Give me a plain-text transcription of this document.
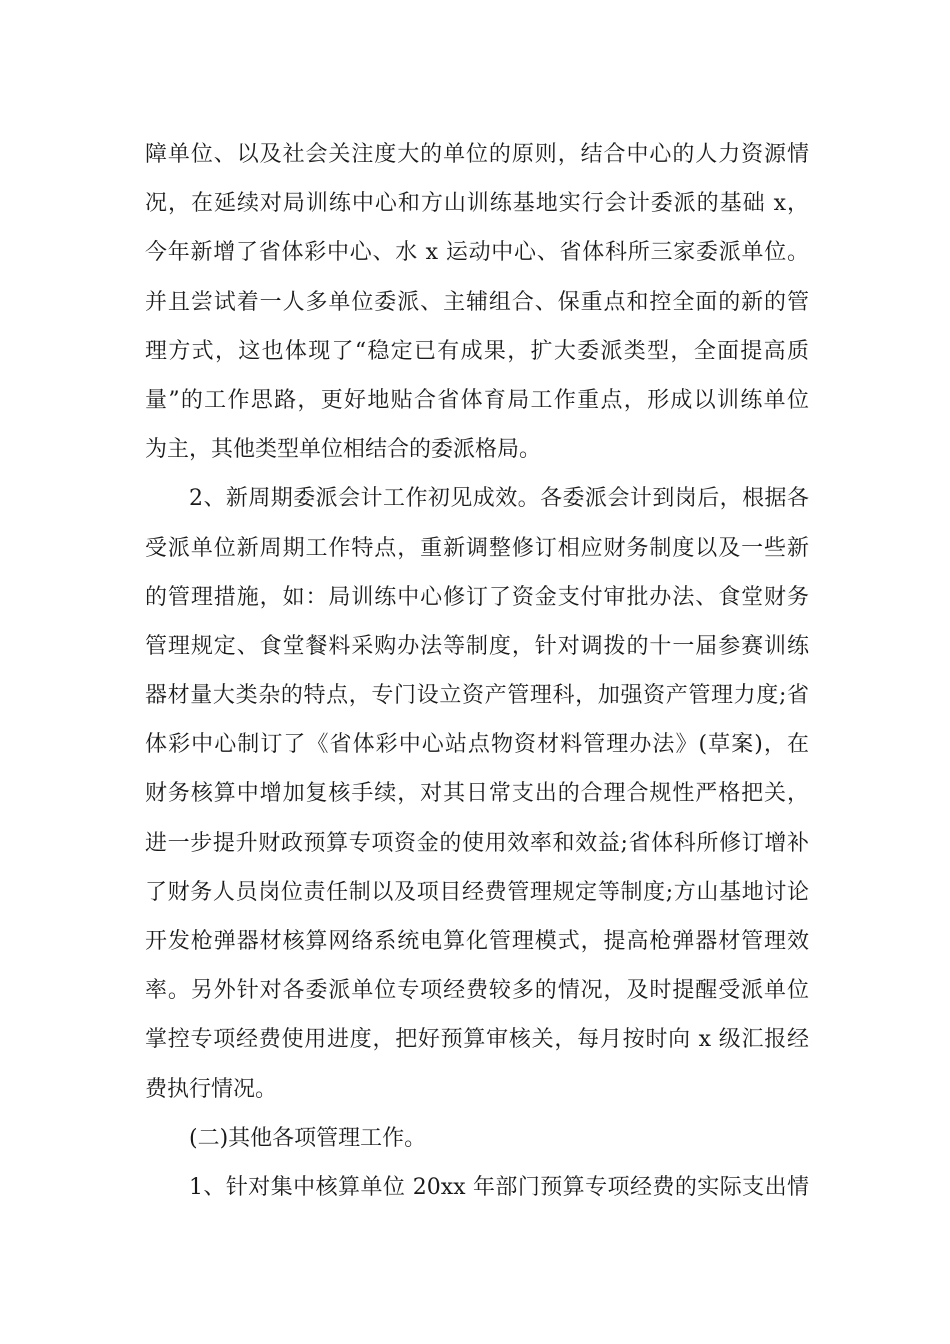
障单位、以及社会关注度大的单位的原则，结合中心的人力资源情
况，在延续对局训练中心和方山训练基地实行会计委派的基础 x，
今年新增了省体彩中心、水 x 运动中心、省体科所三家委派单位。
并且尝试着一人多单位委派、主辅组合、保重点和控全面的新的管
理方式，这也体现了“稳定已有成果，扩大委派类型，全面提高质
量”的工作思路，更好地贴合省体育局工作重点，形成以训练单位
为主，其他类型单位相结合的委派格局。
2、新周期委派会计工作初见成效。各委派会计到岗后，根据各
受派单位新周期工作特点，重新调整修订相应财务制度以及一些新
的管理措施，如：局训练中心修订了资金支付审批办法、食堂财务
管理规定、食堂餐料采购办法等制度，针对调拨的十一届参赛训练
器材量大类杂的特点，专门设立资产管理科，加强资产管理力度;省
体彩中心制订了《省体彩中心站点物资材料管理办法》(草案)，在
财务核算中增加复核手续，对其日常支出的合理合规性严格把关，
进一步提升财政预算专项资金的使用效率和效益;省体科所修订增补
了财务人员岗位责任制以及项目经费管理规定等制度;方山基地讨论
开发枪弹器材核算网络系统电算化管理模式，提高枪弹器材管理效
率。另外针对各委派单位专项经费较多的情况，及时提醒受派单位
掌控专项经费使用进度，把好预算审核关，每月按时向 x 级汇报经
费执行情况。
(二)其他各项管理工作。
1、针对集中核算单位 20xx 年部门预算专项经费的实际支出情
